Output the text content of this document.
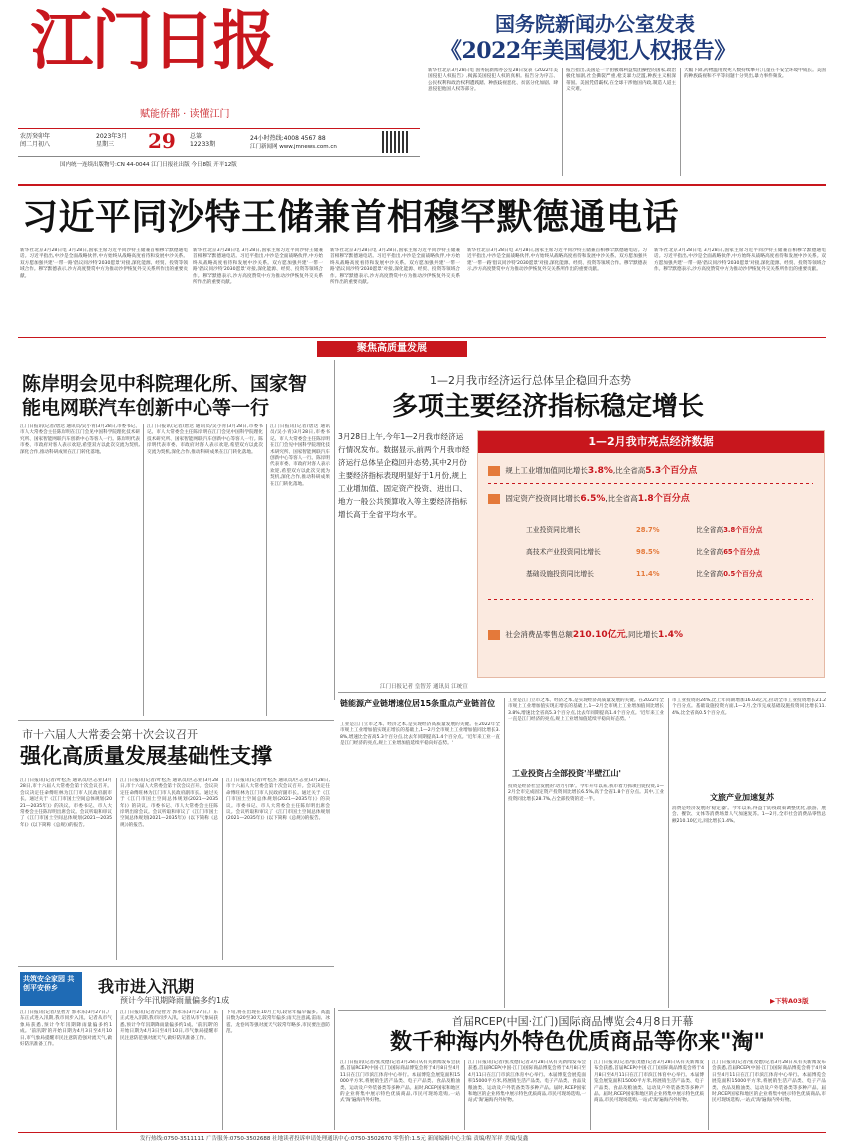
江门日报
赋能侨都 · 读懂江门
国务院新闻办公室发表
《2022年美国侵犯人权报告》
农历癸卯年
闰二月初八
2023年3月
星期三	29 总第
12233期
24小时热线:4008 4567 88
江门新闻网 www.jmnews.com.cn
国内统一连续出版物号:CN 44-0044 江门日报社出版 今日8版 开平12版
新华社北京3月28日电 国务院新闻办公室28日发表《2022年美国侵犯人权报告》,揭露美国侵犯人权的真相。报告分为序言、公民权利和政治权利遭践踏、种族歧视恶化、贫富分化加剧、肆意侵犯他国人权等部分。
报告指出,美国是一个由极端利益集团操控的国家,政治极化加剧,社会撕裂严重,枪支暴力泛滥,种族主义根深蒂固。美国凭借霸权,在全球干涉他国内政,制造人道主义灾难。
大幅下降,药物滥用致死人数持续攀升;儿童在不安全环境中成长。美国的种族歧视和不平等问题十分突出,暴力事件频发。
习近平同沙特王储兼首相穆罕默德通电话
新华社北京3月28日电 3月28日,国家主席习近平同沙特王储兼首相穆罕默德通电话。习近平指出,中沙是全面战略伙伴,中方始终从战略高度看待和发展中沙关系。双方愿加强共建'一带一路'倡议同沙特'2030愿景'对接,深化能源、经贸、投资等领域合作。穆罕默德表示,沙方高度赞赏中方为推动沙伊恢复外交关系所作出的重要贡献。
新华社北京3月28日电 3月28日,国家主席习近平同沙特王储兼首相穆罕默德通电话。习近平指出,中沙是全面战略伙伴,中方始终从战略高度看待和发展中沙关系。双方愿加强共建'一带一路'倡议同沙特'2030愿景'对接,深化能源、经贸、投资等领域合作。穆罕默德表示,沙方高度赞赏中方为推动沙伊恢复外交关系所作出的重要贡献。
新华社北京3月28日电 3月28日,国家主席习近平同沙特王储兼首相穆罕默德通电话。习近平指出,中沙是全面战略伙伴,中方始终从战略高度看待和发展中沙关系。双方愿加强共建'一带一路'倡议同沙特'2030愿景'对接,深化能源、经贸、投资等领域合作。穆罕默德表示,沙方高度赞赏中方为推动沙伊恢复外交关系所作出的重要贡献。
新华社北京3月28日电 3月28日,国家主席习近平同沙特王储兼首相穆罕默德通电话。习近平指出,中沙是全面战略伙伴,中方始终从战略高度看待和发展中沙关系。双方愿加强共建'一带一路'倡议同沙特'2030愿景'对接,深化能源、经贸、投资等领域合作。穆罕默德表示,沙方高度赞赏中方为推动沙伊恢复外交关系所作出的重要贡献。
新华社北京3月28日电 3月28日,国家主席习近平同沙特王储兼首相穆罕默德通电话。习近平指出,中沙是全面战略伙伴,中方始终从战略高度看待和发展中沙关系。双方愿加强共建'一带一路'倡议同沙特'2030愿景'对接,深化能源、经贸、投资等领域合作。穆罕默德表示,沙方高度赞赏中方为推动沙伊恢复外交关系所作出的重要贡献。
聚焦高质量发展
陈岸明会见中科院理化所、国家智能电网联汽车创新中心等一行
江门日报讯(记者/唐达 通讯员/吴小青)3月28日,市委书记、市人大常委会主任陈岸明在江门会见中国科学院理化技术研究所、国家智能网联汽车创新中心等客人一行。陈岸明代表市委、市政府对客人表示欢迎,希望双方以此次交流为契机,深化合作,推动科研成果在江门转化落地。
江门日报讯(记者/唐达 通讯员/吴小青)3月28日,市委书记、市人大常委会主任陈岸明在江门会见中国科学院理化技术研究所、国家智能网联汽车创新中心等客人一行。陈岸明代表市委、市政府对客人表示欢迎,希望双方以此次交流为契机,深化合作,推动科研成果在江门转化落地。
江门日报讯(记者/唐达 通讯员/吴小青)3月28日,市委书记、市人大常委会主任陈岸明在江门会见中国科学院理化技术研究所、国家智能网联汽车创新中心等客人一行。陈岸明代表市委、市政府对客人表示欢迎,希望双方以此次交流为契机,深化合作,推动科研成果在江门转化落地。
1—2月我市经济运行总体呈企稳回升态势
多项主要经济指标稳定增长
3月28日上午,今年1—2月我市经济运行情况发布。数据显示,前两个月我市经济运行总体呈企稳回升态势,其中2月份主要经济指标表现明显好于1月份,规上工业增加值、固定资产投资、进出口、地方一般公共预算收入等主要经济指标增长高于全省平均水平。
1—2月我市亮点经济数据
规上工业增加值同比增长3.8%,比全省高5.3个百分点
固定资产投资同比增长6.5%,比全省高1.8个百分点
工业投资同比增长	28.7%	比全省高3.8个百分点
高技术产业投资同比增长	98.5%	比全省高65个百分点
基础设施投资同比增长	11.4%	比全省高0.5个百分点
社会消费品零售总额210.10亿元,同比增长1.4%
江门日报记者 皇智芳 通讯员 江统宣
市十六届人大常委会第十次会议召开
强化高质量发展基础性支撑
江门日报讯(记者/叶松杰 通讯员/区志业)3月28日,市十六届人大常委会第十次会议召开。会议决定任命傅旺林为江门市人民政府副市长。通过关于《江门市国土空间总体规划(2021—2035年)》的决议。市委书记、市人大常委会主任陈岸明出席会议。会议听取和审议了《江门市国土空间总体规划(2021—2035年)》(以下简称《总规》)的报告。
江门日报讯(记者/叶松杰 通讯员/区志业)3月28日,市十六届人大常委会第十次会议召开。会议决定任命傅旺林为江门市人民政府副市长。通过关于《江门市国土空间总体规划(2021—2035年)》的决议。市委书记、市人大常委会主任陈岸明出席会议。会议听取和审议了《江门市国土空间总体规划(2021—2035年)》(以下简称《总规》)的报告。
江门日报讯(记者/叶松杰 通讯员/区志业)3月28日,市十六届人大常委会第十次会议召开。会议决定任命傅旺林为江门市人民政府副市长。通过关于《江门市国土空间总体规划(2021—2035年)》的决议。市委书记、市人大常委会主任陈岸明出席会议。会议听取和审议了《江门市国土空间总体规划(2021—2035年)》(以下简称《总规》)的报告。
链能源产业链增速位居15条重点产业链首位
工业是江门立市之本、经济之本,是实现经济高质量发展的关键。在2022年全市规上工业增加值实现正增长的基础上,1—2月全市规上工业增加值同比增长3.8%,增速比全省高5.3个百分点,比去年同期提高1.4个百分点。'近年来工业一直是江门经济的亮点,规上工业增加值延续平稳向好态势。'
工业是江门立市之本、经济之本,是实现经济高质量发展的关键。在2022年全市规上工业增加值实现正增长的基础上,1—2月全市规上工业增加值同比增长3.8%,增速比全省高5.3个百分点,比去年同期提高1.4个百分点。'近年来工业一直是江门经济的亮点,规上工业增加值延续平稳向好态势。'
工业投资占全部投资'半壁江山'
投资是经济社会发展的'动力引擎'。今年开年以来,我市着力抓项目促投资,1—2月全市完成固定资产投资同比增长6.5%,高于全省1.8个百分点。其中,工业投资同比增长28.7%,占全部投资的近一半。
市工业投资的24%,比上年同期增加16.03亿元,拉动全市工业投资增长21.2个百分点。基础设施投资方面,1—2月,全市完成基础设施投资同比增长11.4%,比全省高0.5个百分点。
文旅产业加速复苏
消费是经济发展的'稳定器'。今年以来,得益于防疫政策调整优化,旅游、展会、餐饮、文体等消费场景人气加速复苏。1—2月,全市社会消费品零售总额210.10亿元,同比增长1.4%。
▶下转A03版
共筑安全家园 共创平安侨乡	我市进入汛期
预计今年汛期降雨量偏多约1成
江门日报讯(记者/皇智芳 郭永乐)3月27日,广东正式进入汛期,我市同步入汛。记者从市气象局获悉,预计今年汛期降雨量偏多约1成。'前汛期'的开始日期为4月3日至4月10日,市气象局提醒市民注意防范强对流天气,做好防汛准备工作。
江门日报讯(记者/皇智芳 郭永乐)3月27日,广东正式进入汛期,我市同步入汛。记者从市气象局获悉,预计今年汛期降雨量偏多约1成。'前汛期'的开始日期为4月3日至4月10日,市气象局提醒市民注意防范强对流天气,做好防汛准备工作。
下旬,将在出现在10月上旬,较常年偏早偏多。高温日数为20至30天,较常年偏多;雨天注意减,雷雨、冰雹、龙卷风等强对流天气较常年略多,市民要注意防范。
首届RCEP(中国·江门)国际商品博览会4月8日开幕
数千种海内外特色优质商品等你来"淘"
江门日报讯(记者/张茂德)记者3月28日从有关新闻发布会获悉,首届RCEP(中国·江门)国际商品博览会将于4月8日至4月11日在江门市滨江体育中心举行。本届博览会展览面积15000平方米,将展销生活产品类、电子产品类、食品及粮油类、运动及户外装备类等多种产品。届时,RCEP国家和地区的企业将集中展示特色优质商品,市民可现场选购,一站式'淘'遍海内外好物。
江门日报讯(记者/张茂德)记者3月28日从有关新闻发布会获悉,首届RCEP(中国·江门)国际商品博览会将于4月8日至4月11日在江门市滨江体育中心举行。本届博览会展览面积15000平方米,将展销生活产品类、电子产品类、食品及粮油类、运动及户外装备类等多种产品。届时,RCEP国家和地区的企业将集中展示特色优质商品,市民可现场选购,一站式'淘'遍海内外好物。
江门日报讯(记者/张茂德)记者3月28日从有关新闻发布会获悉,首届RCEP(中国·江门)国际商品博览会将于4月8日至4月11日在江门市滨江体育中心举行。本届博览会展览面积15000平方米,将展销生活产品类、电子产品类、食品及粮油类、运动及户外装备类等多种产品。届时,RCEP国家和地区的企业将集中展示特色优质商品,市民可现场选购,一站式'淘'遍海内外好物。
江门日报讯(记者/张茂德)记者3月28日从有关新闻发布会获悉,首届RCEP(中国·江门)国际商品博览会将于4月8日至4月11日在江门市滨江体育中心举行。本届博览会展览面积15000平方米,将展销生活产品类、电子产品类、食品及粮油类、运动及户外装备类等多种产品。届时,RCEP国家和地区的企业将集中展示特色优质商品,市民可现场选购,一站式'淘'遍海内外好物。
发行热线:0750-3511111 广告服务:0750-3502688 社地读者投诉申请处理通讯中心:0750-3502670 零售价:1.5元 新闻编辑中心主编 责编/程军祥 美编/复鑫
